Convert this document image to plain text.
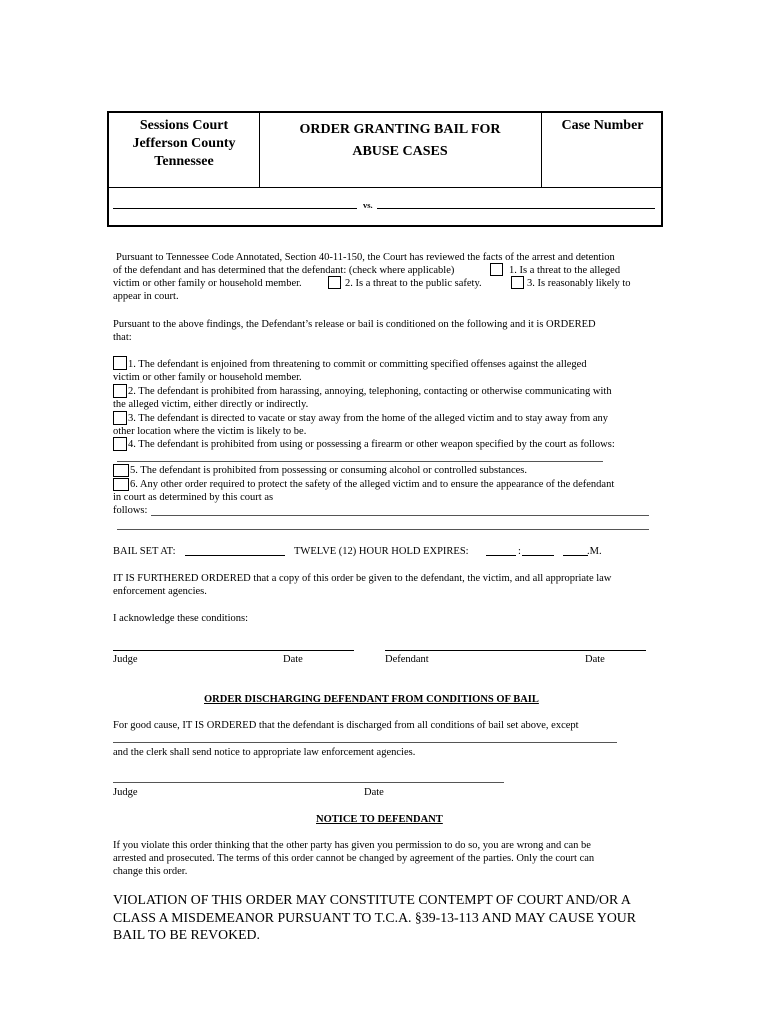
Sessions Court
Jefferson County
Tennessee
ORDER GRANTING BAIL FOR
ABUSE CASES
Case Number
vs.
Pursuant to Tennessee Code Annotated, Section 40-11-150, the Court has reviewed the facts of the arrest and detention
of the defendant and has determined that the defendant: (check where applicable)	1. Is a threat to the alleged
victim or other family or household member.	2. Is a threat to the public safety.	3. Is reasonably likely to
appear in court.
Pursuant to the above findings, the Defendant’s release or bail is conditioned on the following and it is ORDERED
that:
1. The defendant is enjoined from threatening to commit or committing specified offenses against the alleged
victim or other family or household member.
2. The defendant is prohibited from harassing, annoying, telephoning, contacting or otherwise communicating with
the alleged victim, either directly or indirectly.
3. The defendant is directed to vacate or stay away from the home of the alleged victim and to stay away from any
other location where the victim is likely to be.
4. The defendant is prohibited from using or possessing a firearm or other weapon specified by the court as follows:
5. The defendant is prohibited from possessing or consuming alcohol or controlled substances.
6. Any other order required to protect the safety of the alleged victim and to ensure the appearance of the defendant
in court as determined by this court as
follows:
BAIL SET AT:	TWELVE (12) HOUR HOLD EXPIRES:	:	.M.
IT IS FURTHERED ORDERED that a copy of this order be given to the defendant, the victim, and all appropriate law
enforcement agencies.
I acknowledge these conditions:
Judge	Date	Defendant	Date
ORDER DISCHARGING DEFENDANT FROM CONDITIONS OF BAIL
For good cause, IT IS ORDERED that the defendant is discharged from all conditions of bail set above, except
and the clerk shall send notice to appropriate law enforcement agencies.
Judge	Date
NOTICE TO DEFENDANT
If you violate this order thinking that the other party has given you permission to do so, you are wrong and can be
arrested and prosecuted. The terms of this order cannot be changed by agreement of the parties. Only the court can
change this order.
VIOLATION OF THIS ORDER MAY CONSTITUTE CONTEMPT OF COURT AND/OR A
CLASS A MISDEMEANOR PURSUANT TO T.C.A. §39-13-113 AND MAY CAUSE YOUR
BAIL TO BE REVOKED.
